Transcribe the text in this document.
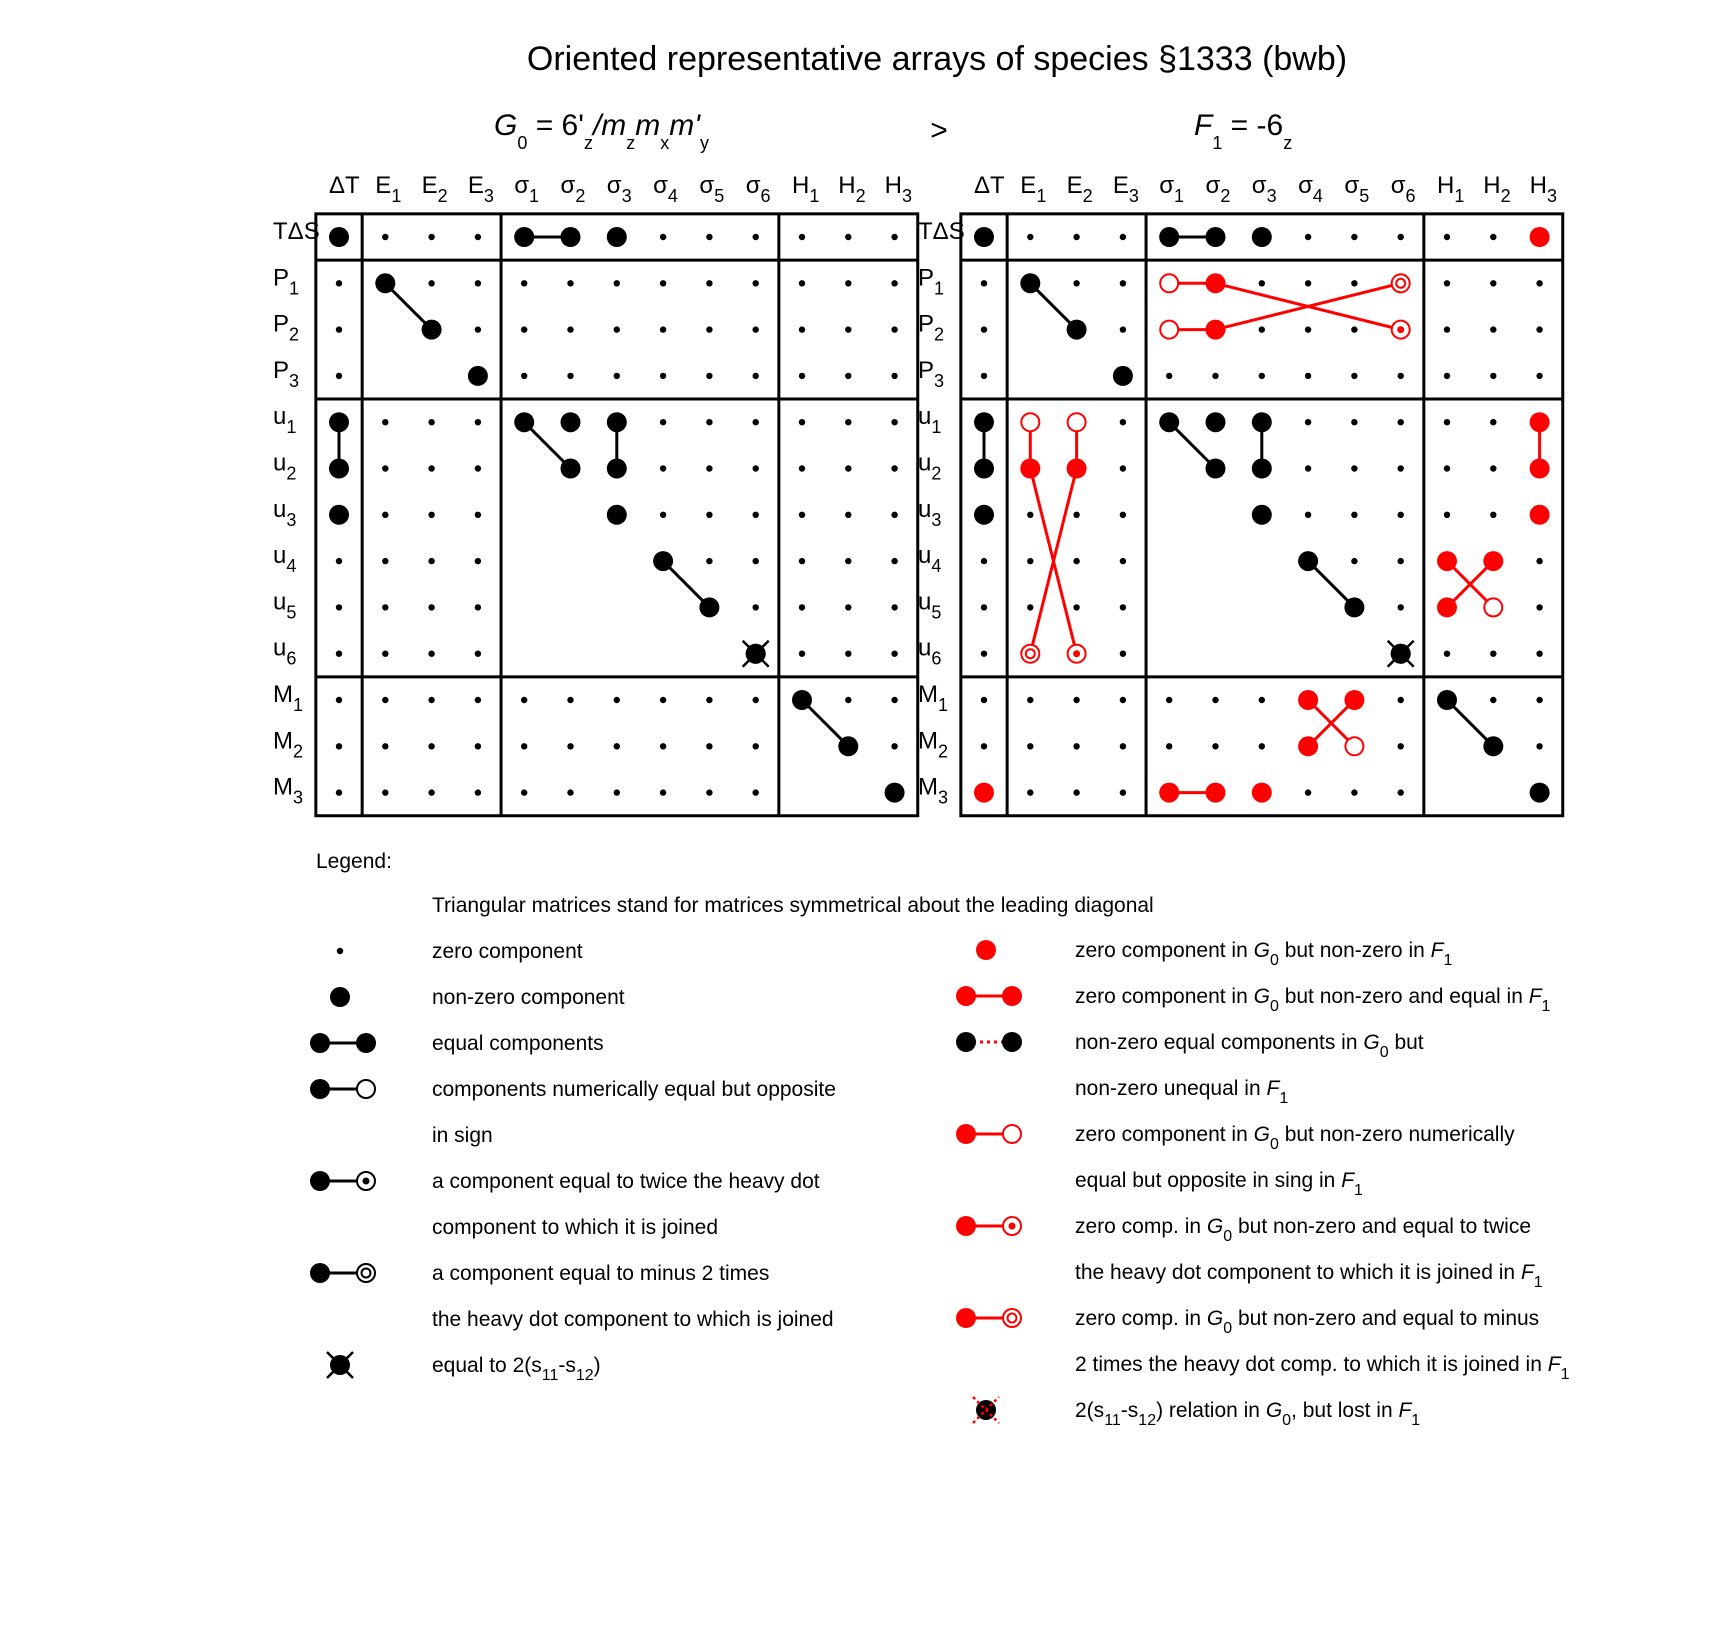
Oriented representative arrays of species §1333 (bwb)
>
$G_0 = 6'_z/m_zm_xm'_y$
$F_1 = -6_z$
ΔT $E_1$ $E_2$ $E_3$ $\sigma_1$ $\sigma_2$ $\sigma_3$ $\sigma_4$ $\sigma_5$ $\sigma_6$ $H_1$ $H_2$ $H_3$
TΔS
$P_1$
$P_2$
$P_3$
$u_1$
$u_2$
$u_3$
$u_4$
$u_5$
$u_6$
$M_1$
$M_2$
$M_3$
ΔT $E_1$ $E_2$ $E_3$ $\sigma_1$ $\sigma_2$ $\sigma_3$ $\sigma_4$ $\sigma_5$ $\sigma_6$ $H_1$ $H_2$ $H_3$
TΔS
$P_1$
$P_2$
$P_3$
$u_1$
$u_2$
$u_3$
$u_4$
$u_5$
$u_6$
$M_1$
$M_2$
$M_3$
Legend:
Triangular matrices stand for matrices symmetrical about the leading diagonal
zero component
non-zero component
equal components
components numerically equal but opposite
in sign
a component equal to twice the heavy dot
component to which it is joined
a component equal to minus 2 times
the heavy dot component to which is joined
equal to $2(s_{11}-s_{12})$
zero component in $G_0$ but non-zero in $F_1$
zero component in $G_0$ but non-zero and equal in $F_1$
non-zero equal components in $G_0$ but
non-zero unequal in $F_1$
zero component in $G_0$ but non-zero numerically
equal but opposite in sing in $F_1$
zero comp. in $G_0$ but non-zero and equal to twice
the heavy dot component to which it is joined in $F_1$
zero comp. in $G_0$ but non-zero and equal to minus
2 times the heavy dot comp. to which it is joined in $F_1$
$2(s_{11}-s_{12})$ relation in $G_0$, but lost in $F_1$
